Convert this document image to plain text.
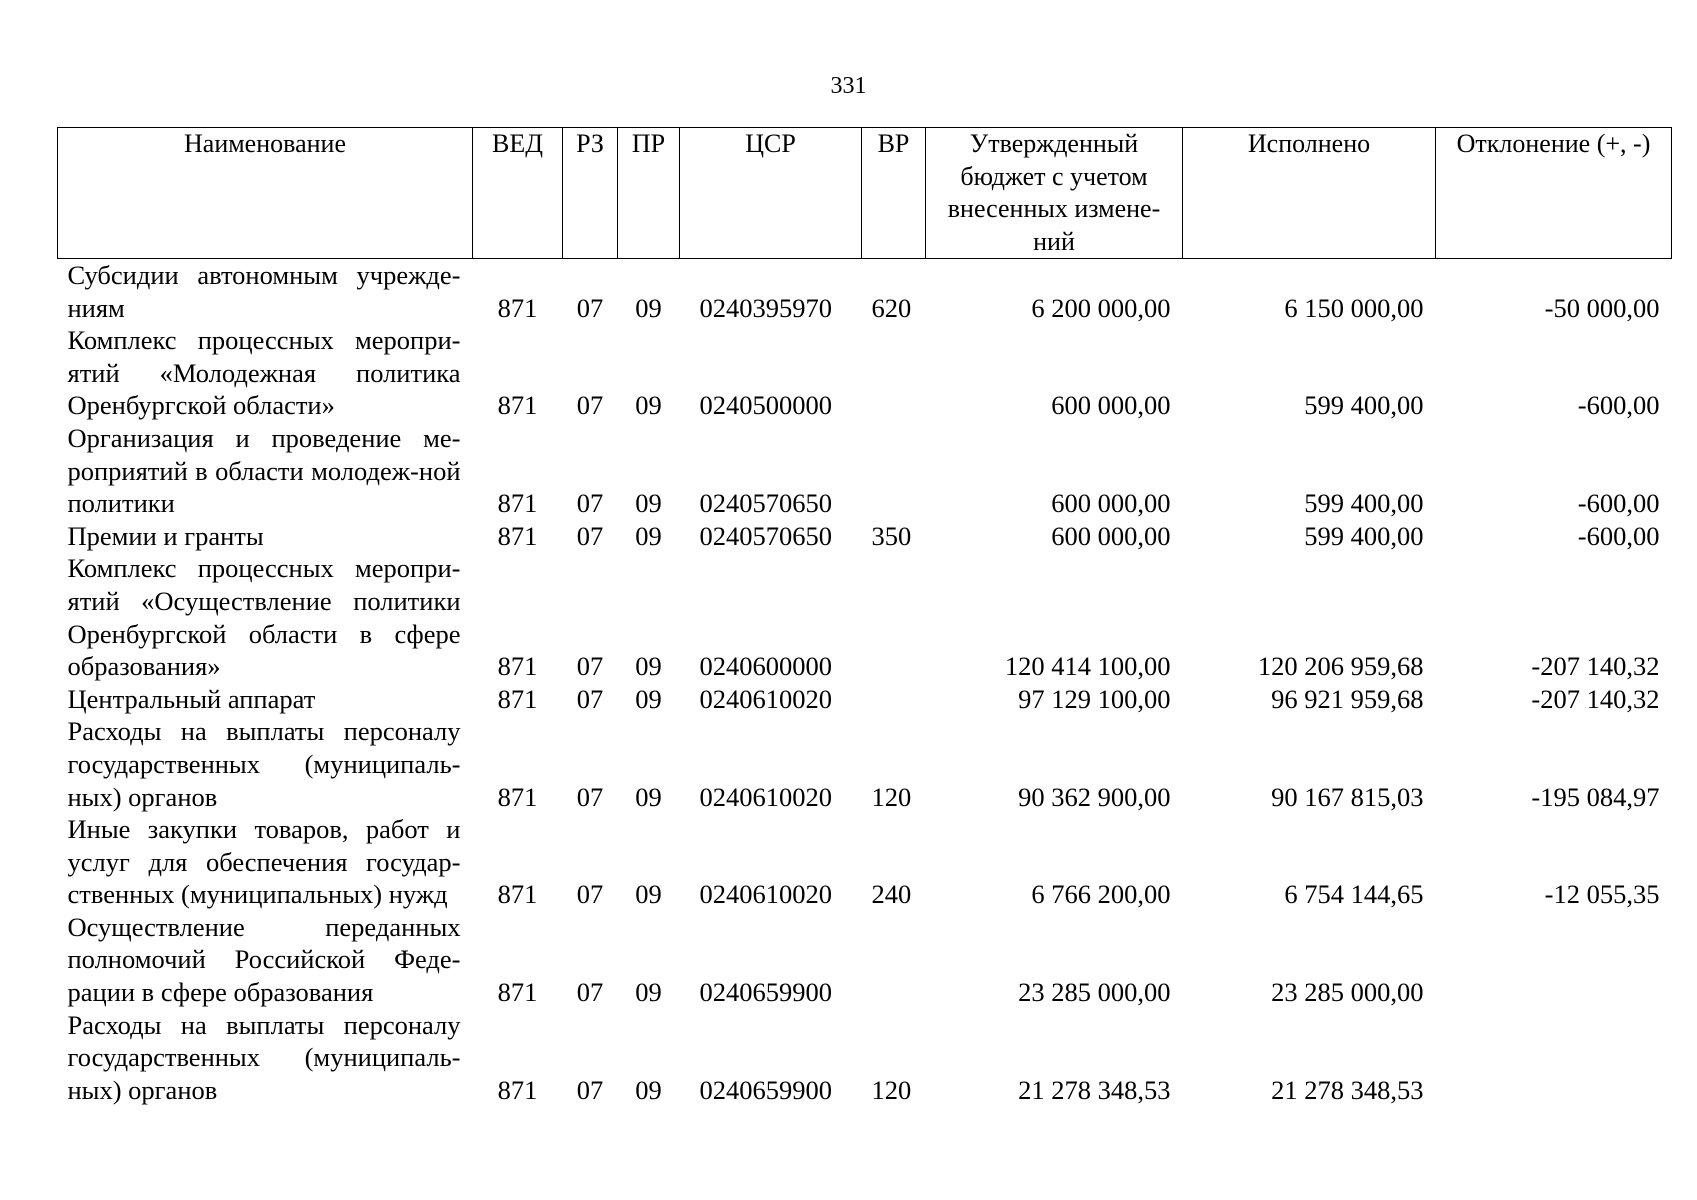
331
Наименование	ВЕД	РЗ	ПР	ЦСР	ВР	Утвержденный бюджет с учетом внесенных измене-ний	Исполнено	Отклонение (+, -)
Субсидии автономным учрежде-ниям	871	07	09	0240395970	620	6 200 000,00	6 150 000,00	-50 000,00
Комплекс процессных меропри-ятий «Молодежная политика Оренбургской области»	871	07	09	0240500000		600 000,00	599 400,00	-600,00
Организация и проведение ме-роприятий в области молодеж-ной политики	871	07	09	0240570650		600 000,00	599 400,00	-600,00
Премии и гранты	871	07	09	0240570650	350	600 000,00	599 400,00	-600,00
Комплекс процессных меропри-ятий «Осуществление политики Оренбургской области в сфере образования»	871	07	09	0240600000		120 414 100,00	120 206 959,68	-207 140,32
Центральный аппарат	871	07	09	0240610020		97 129 100,00	96 921 959,68	-207 140,32
Расходы на выплаты персоналу государственных (муниципаль-ных) органов	871	07	09	0240610020	120	90 362 900,00	90 167 815,03	-195 084,97
Иные закупки товаров, работ и услуг для обеспечения государ-ственных (муниципальных) нужд	871	07	09	0240610020	240	6 766 200,00	6 754 144,65	-12 055,35
Осуществление переданных полномочий Российской Феде-рации в сфере образования	871	07	09	0240659900		23 285 000,00	23 285 000,00	
Расходы на выплаты персоналу государственных (муниципаль-ных) органов	871	07	09	0240659900	120	21 278 348,53	21 278 348,53	
